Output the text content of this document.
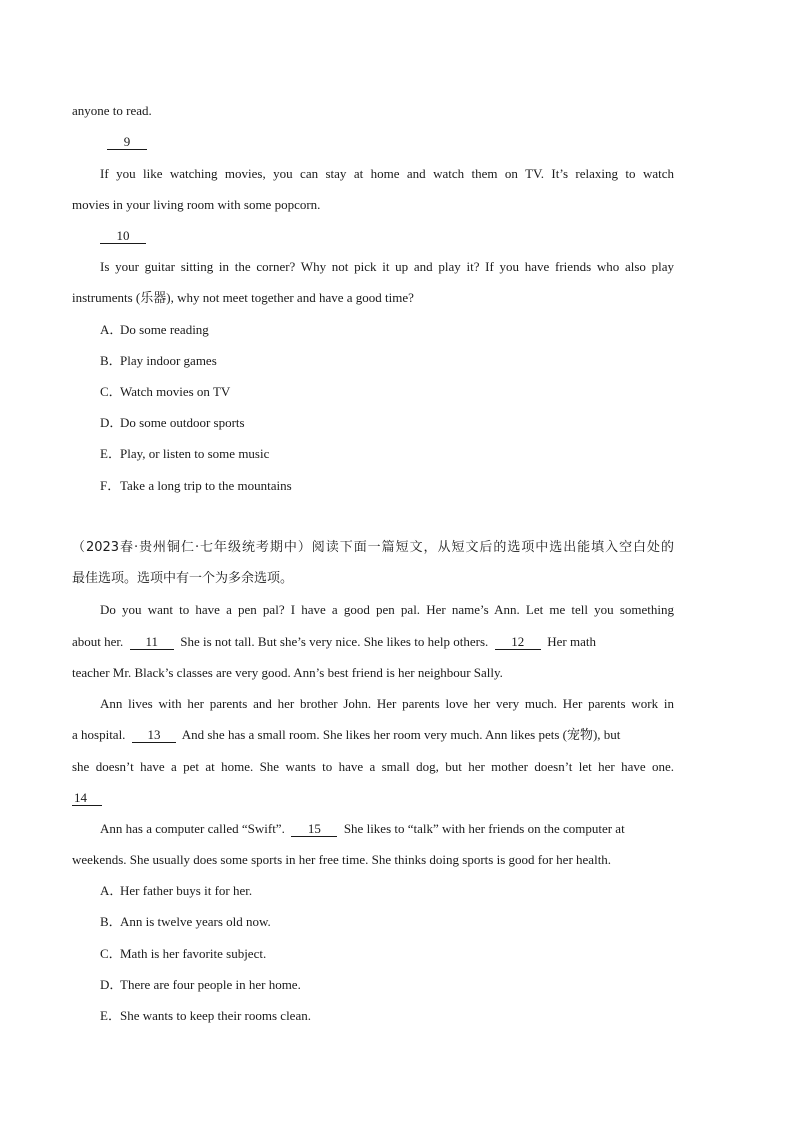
anyone to read.
9
If you like watching movies, you can stay at home and watch them on TV. It’s relaxing to watch
movies in your living room with some popcorn.
10
Is your guitar sitting in the corner? Why not pick it up and play it? If you have friends who also play
instruments (乐器), why not meet together and have a good time?
A．Do some reading
B．Play indoor games
C．Watch movies on TV
D．Do some outdoor sports
E．Play, or listen to some music
F．Take a long trip to the mountains
（2023春·贵州铜仁·七年级统考期中）阅读下面一篇短文，从短文后的选项中选出能填入空白处的
最佳选项。选项中有一个为多余选项。
Do you want to have a pen pal? I have a good pen pal. Her name’s Ann. Let me tell you something
about her. 11 She is not tall. But she’s very nice. She likes to help others. 12 Her math
teacher Mr. Black’s classes are very good. Ann’s best friend is her neighbour Sally.
Ann lives with her parents and her brother John. Her parents love her very much. Her parents work in
a hospital. 13 And she has a small room. She likes her room very much. Ann likes pets (宠物), but
she doesn’t have a pet at home. She wants to have a small dog, but her mother doesn’t let her have one.
14
Ann has a computer called “Swift”. 15 She likes to “talk” with her friends on the computer at
weekends. She usually does some sports in her free time. She thinks doing sports is good for her health.
A．Her father buys it for her.
B．Ann is twelve years old now.
C．Math is her favorite subject.
D．There are four people in her home.
E．She wants to keep their rooms clean.
